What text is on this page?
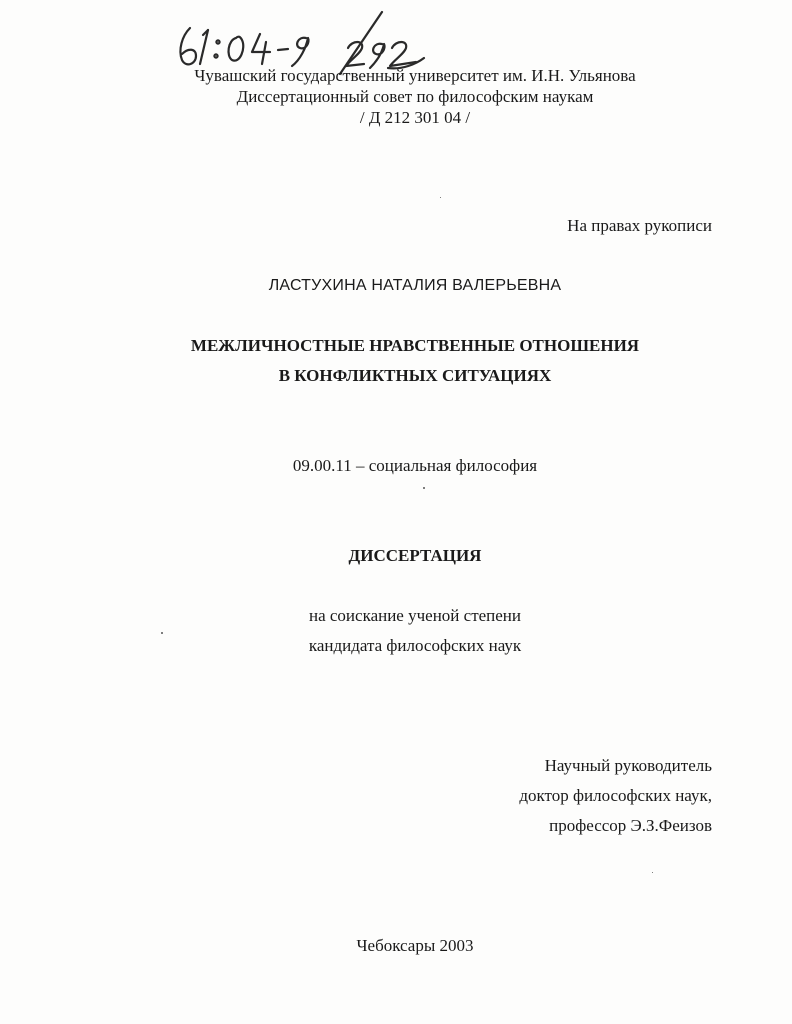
Чувашский государственный университет им. И.Н. Ульянова
Диссертационный совет по философским наукам
/ Д 212 301 04 /
На правах рукописи
ЛАСТУХИНА НАТАЛИЯ ВАЛЕРЬЕВНА
МЕЖЛИЧНОСТНЫЕ НРАВСТВЕННЫЕ ОТНОШЕНИЯ
В КОНФЛИКТНЫХ СИТУАЦИЯХ
09.00.11 – социальная философия
ДИССЕРТАЦИЯ
на соискание ученой степени
кандидата философских наук
Научный руководитель
доктор философских наук,
профессор Э.З.Феизов
Чебоксары 2003
